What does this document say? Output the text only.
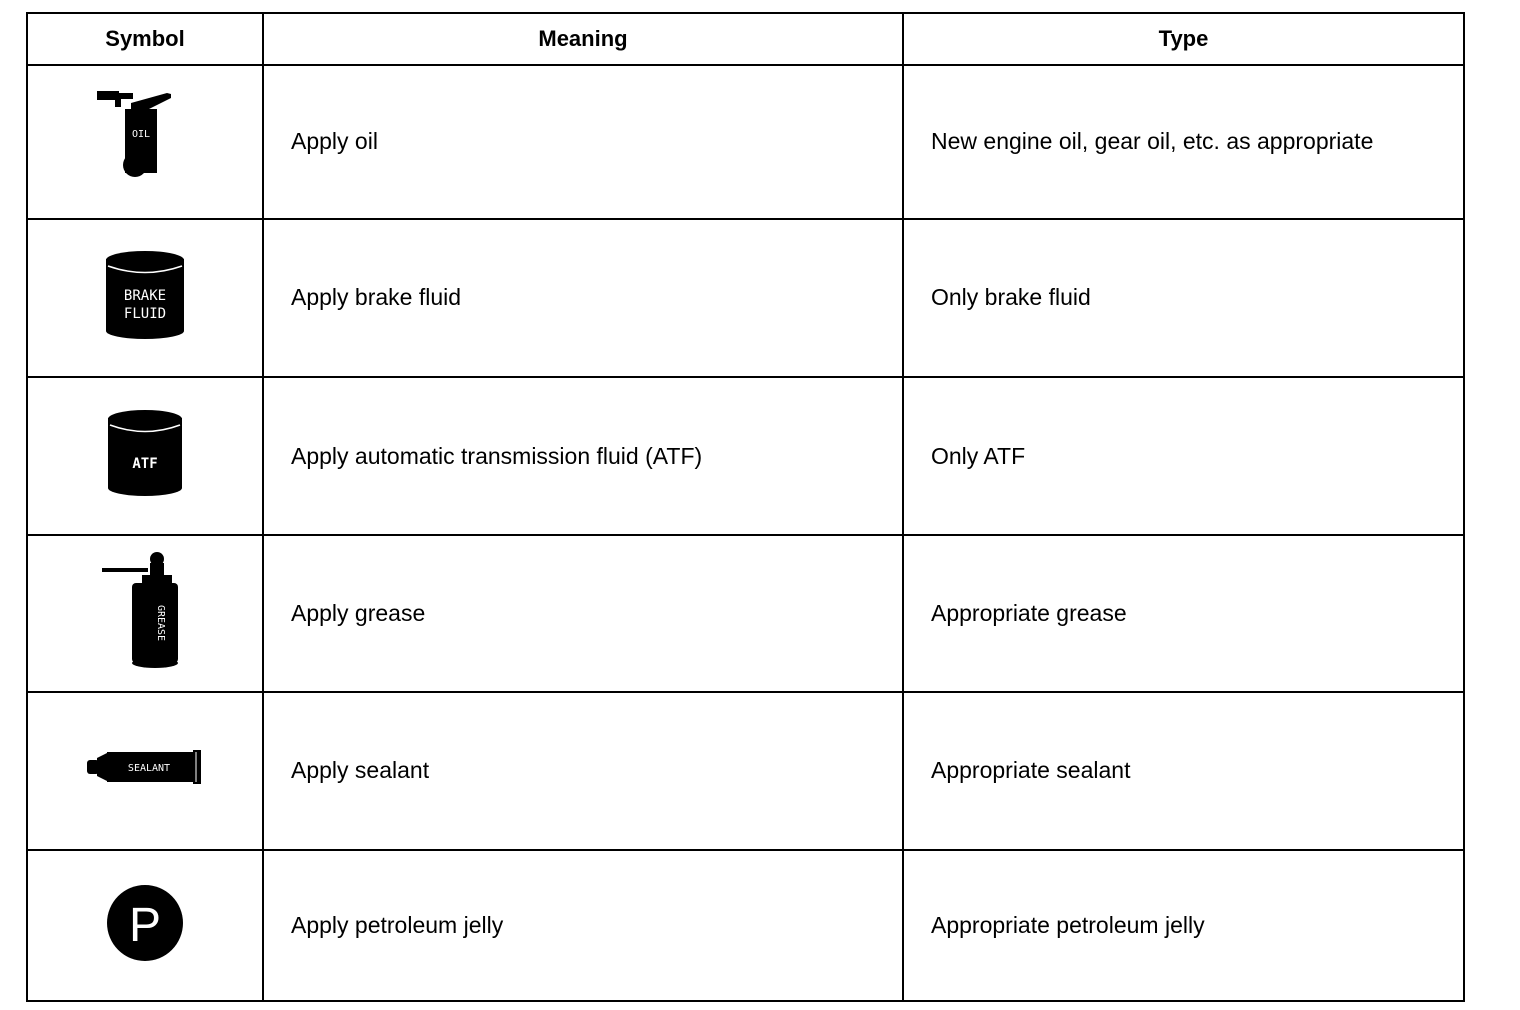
Symbol	Meaning	Type

OIL	Apply oil	New engine oil, gear oil, etc. as appropriate

BRAKE
FLUID	Apply brake fluid	Only brake fluid

ATF	Apply automatic transmission fluid (ATF)	Only ATF

GREASE	Apply grease	Appropriate grease

SEALANT	Apply sealant	Appropriate sealant

P	Apply petroleum jelly	Appropriate petroleum jelly
